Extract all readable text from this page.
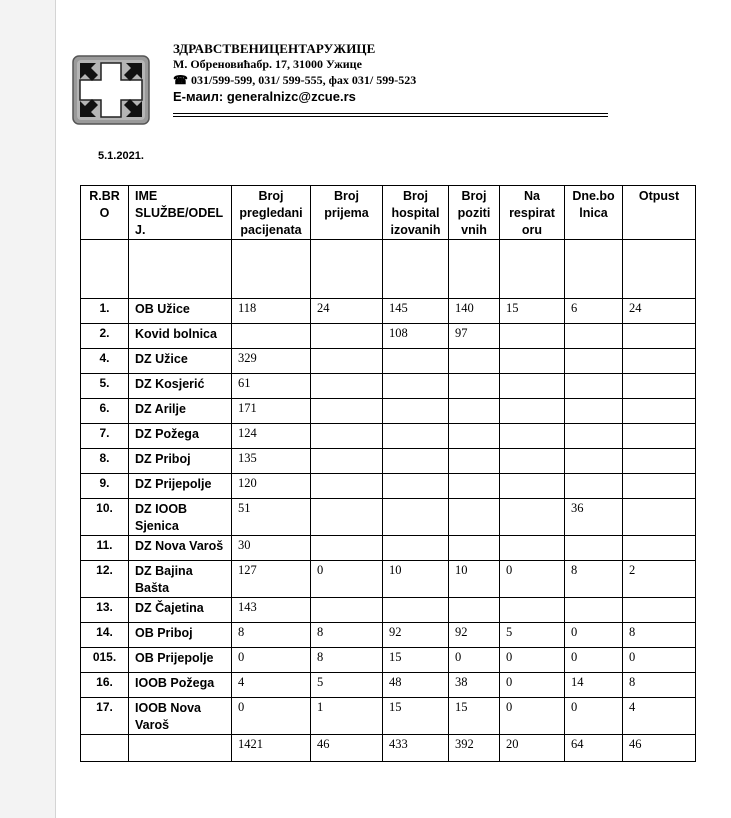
ЗДРАВСТВЕНИЦЕНТАРУЖИЦЕ
М. Обреновићабр. 17, 31000 Ужице
☎ 031/599-599, 031/ 599-555, фах 031/ 599-523
Е-маил: generalnizc@zcue.rs
5.1.2021.
R.BR O	IME SLUŽBE/ODEL J.	Broj pregledani pacijenata	Broj prijema	Broj hospital izovanih	Broj poziti vnih	Na respirat oru	Dne.bo lnica	Otpust

1.	OB Užice	118	24	145	140	15	6	24
2.	Kovid bolnica			108	97			
4.	DZ Užice	329						
5.	DZ Kosjerić	61						
6.	DZ Arilje	171						
7.	DZ Požega	124						
8.	DZ Priboj	135						
9.	DZ Prijepolje	120						
10.	DZ IOOB Sjenica	51					36	
11.	DZ Nova Varoš	30						
12.	DZ Bajina Bašta	127	0	10	10	0	8	2
13.	DZ Čajetina	143						
14.	OB Priboj	8	8	92	92	5	0	8
015.	OB Prijepolje	0	8	15	0	0	0	0
16.	IOOB Požega	4	5	48	38	0	14	8
17.	IOOB Nova Varoš	0	1	15	15	0	0	4
		1421	46	433	392	20	64	46
